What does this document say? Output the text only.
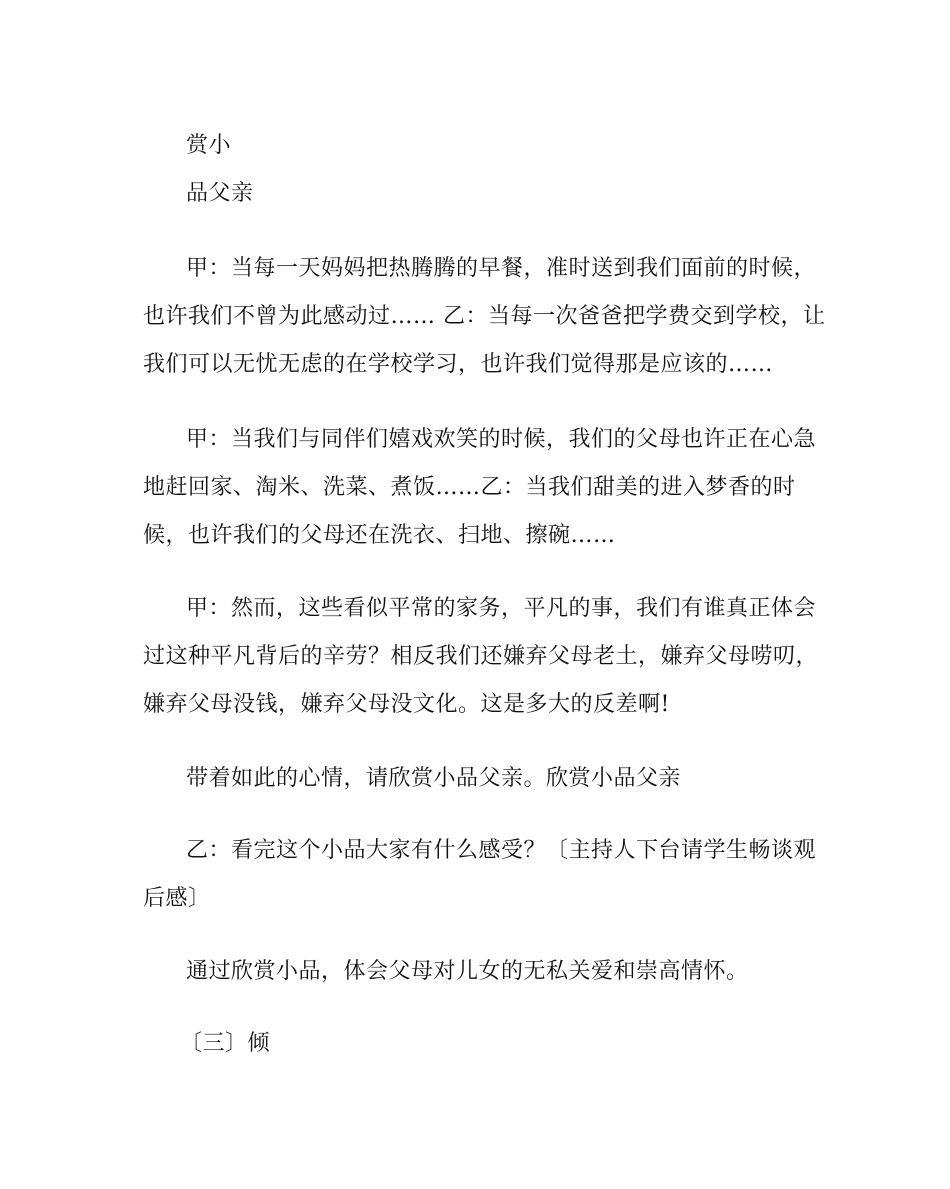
赏小
品父亲
甲：当每一天妈妈把热腾腾的早餐，准时送到我们面前的时候，
也许我们不曾为此感动过…… 乙：当每一次爸爸把学费交到学校，让
我们可以无忧无虑的在学校学习，也许我们觉得那是应该的……
甲：当我们与同伴们嬉戏欢笑的时候，我们的父母也许正在心急
地赶回家、淘米、洗菜、煮饭……乙：当我们甜美的进入梦香的时
候，也许我们的父母还在洗衣、扫地、擦碗……
甲：然而，这些看似平常的家务，平凡的事，我们有谁真正体会
过这种平凡背后的辛劳？相反我们还嫌弃父母老土，嫌弃父母唠叨，
嫌弃父母没钱，嫌弃父母没文化。这是多大的反差啊!
带着如此的心情，请欣赏小品父亲。欣赏小品父亲
乙：看完这个小品大家有什么感受？〔主持人下台请学生畅谈观
后感〕
通过欣赏小品，体会父母对儿女的无私关爱和崇高情怀。
〔三〕倾
